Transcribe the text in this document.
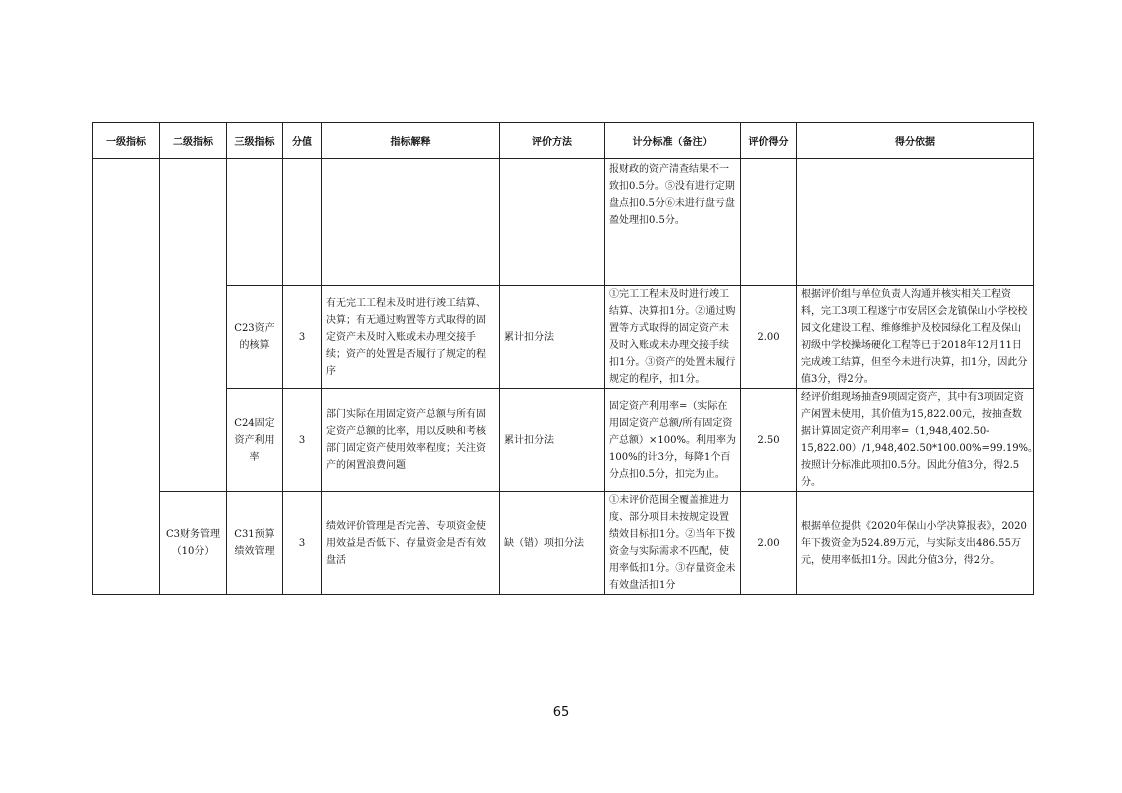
一级指标	二级指标	三级指标	分值	指标解释	评价方法	计分标准（备注）	评价得分	得分依据
						报财政的资产清查结果不一致扣0.5分。⑤没有进行定期盘点扣0.5分⑥未进行盘亏盘盈处理扣0.5分。		
		C23资产的核算	3	有无完工工程未及时进行竣工结算、决算；有无通过购置等方式取得的固定资产未及时入账或未办理交接手续；资产的处置是否履行了规定的程序	累计扣分法	①完工工程未及时进行竣工结算、决算扣1分。②通过购置等方式取得的固定资产未及时入账或未办理交接手续扣1分。③资产的处置未履行规定的程序，扣1分。	2.00	根据评价组与单位负责人沟通并核实相关工程资料，完工3项工程遂宁市安居区会龙镇保山小学校校园文化建设工程、维修维护及校园绿化工程及保山初级中学校操场硬化工程等已于2018年12月11日完成竣工结算，但至今未进行决算，扣1分，因此分值3分，得2分。
		C24固定资产利用率	3	部门实际在用固定资产总额与所有固定资产总额的比率，用以反映和考核部门固定资产使用效率程度；关注资产的闲置浪费问题	累计扣分法	固定资产利用率=（实际在用固定资产总额/所有固定资产总额）×100%。利用率为100%的计3分，每降1个百分点扣0.5分，扣完为止。	2.50	经评价组现场抽查9项固定资产，其中有3项固定资产闲置未使用，其价值为15,822.00元，按抽查数据计算固定资产利用率=（1,948,402.50-15,822.00）/1,948,402.50*100.00%=99.19%。按照计分标准此项扣0.5分。因此分值3分，得2.5分。
	C3财务管理（10分）	C31预算绩效管理	3	绩效评价管理是否完善、专项资金使用效益是否低下、存量资金是否有效盘活	缺（错）项扣分法	①未评价范围全覆盖推进力度、部分项目未按规定设置绩效目标扣1分。②当年下拨资金与实际需求不匹配，使用率低扣1分。③存量资金未有效盘活扣1分	2.00	根据单位提供《2020年保山小学决算报表》，2020年下拨资金为524.89万元，与实际支出486.55万元，使用率低扣1分。因此分值3分，得2分。
65
